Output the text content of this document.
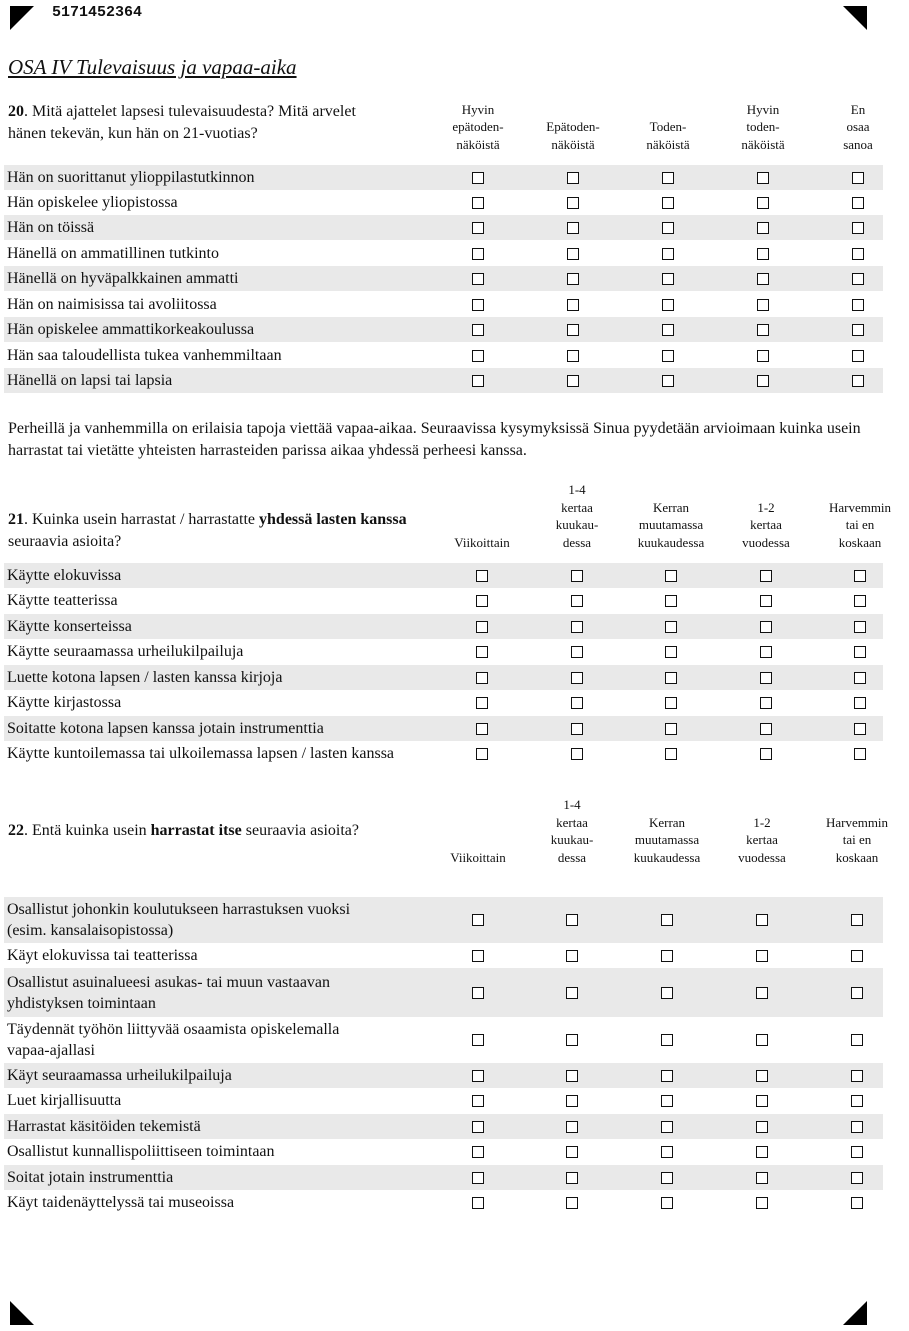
5171452364
OSA IV Tulevaisuus ja vapaa-aika
20. Mitä ajattelet lapsesi tulevaisuudesta? Mitä arvelet hänen tekevän, kun hän on 21-vuotias?
Hyvin
epätoden-
näköistä
Epätoden-
näköistä
Toden-
näköistä
Hyvin
toden-
näköistä
En
osaa
sanoa
Hän on suorittanut ylioppilastutkinnon
Hän opiskelee yliopistossa
Hän on töissä
Hänellä on ammatillinen tutkinto
Hänellä on hyväpalkkainen ammatti
Hän on naimisissa tai avoliitossa
Hän opiskelee ammattikorkeakoulussa
Hän saa taloudellista tukea vanhemmiltaan
Hänellä on lapsi tai lapsia
Perheillä ja vanhemmilla on erilaisia tapoja viettää vapaa-aikaa. Seuraavissa kysymyksissä Sinua pyydetään arvioimaan kuinka usein harrastat tai vietätte yhteisten harrasteiden parissa aikaa yhdessä perheesi kanssa.
21. Kuinka usein harrastat / harrastatte yhdessä lasten kanssa seuraavia asioita?	Viikoittain
1-4
kertaa
kuukau-
dessa
Kerran
muutamassa
kuukaudessa
1-2
kertaa
vuodessa
Harvemmin
tai en
koskaan
Käytte elokuvissa
Käytte teatterissa
Käytte konserteissa
Käytte seuraamassa urheilukilpailuja
Luette kotona lapsen / lasten kanssa kirjoja
Käytte kirjastossa
Soitatte kotona lapsen kanssa jotain instrumenttia
Käytte kuntoilemassa tai ulkoilemassa lapsen / lasten kanssa
22. Entä kuinka usein harrastat itse seuraavia asioita?
Viikoittain
1-4
kertaa
kuukau-
dessa
Kerran
muutamassa
kuukaudessa
1-2
kertaa
vuodessa
Harvemmin
tai en
koskaan
Osallistut johonkin koulutukseen harrastuksen vuoksi
(esim. kansalaisopistossa)
Käyt elokuvissa tai teatterissa
Osallistut asuinalueesi asukas- tai muun vastaavan
yhdistyksen toimintaan
Täydennät työhön liittyvää osaamista opiskelemalla
vapaa-ajallasi
Käyt seuraamassa urheilukilpailuja
Luet kirjallisuutta
Harrastat käsitöiden tekemistä
Osallistut kunnallispoliittiseen toimintaan
Soitat jotain instrumenttia
Käyt taidenäyttelyssä tai museoissa
